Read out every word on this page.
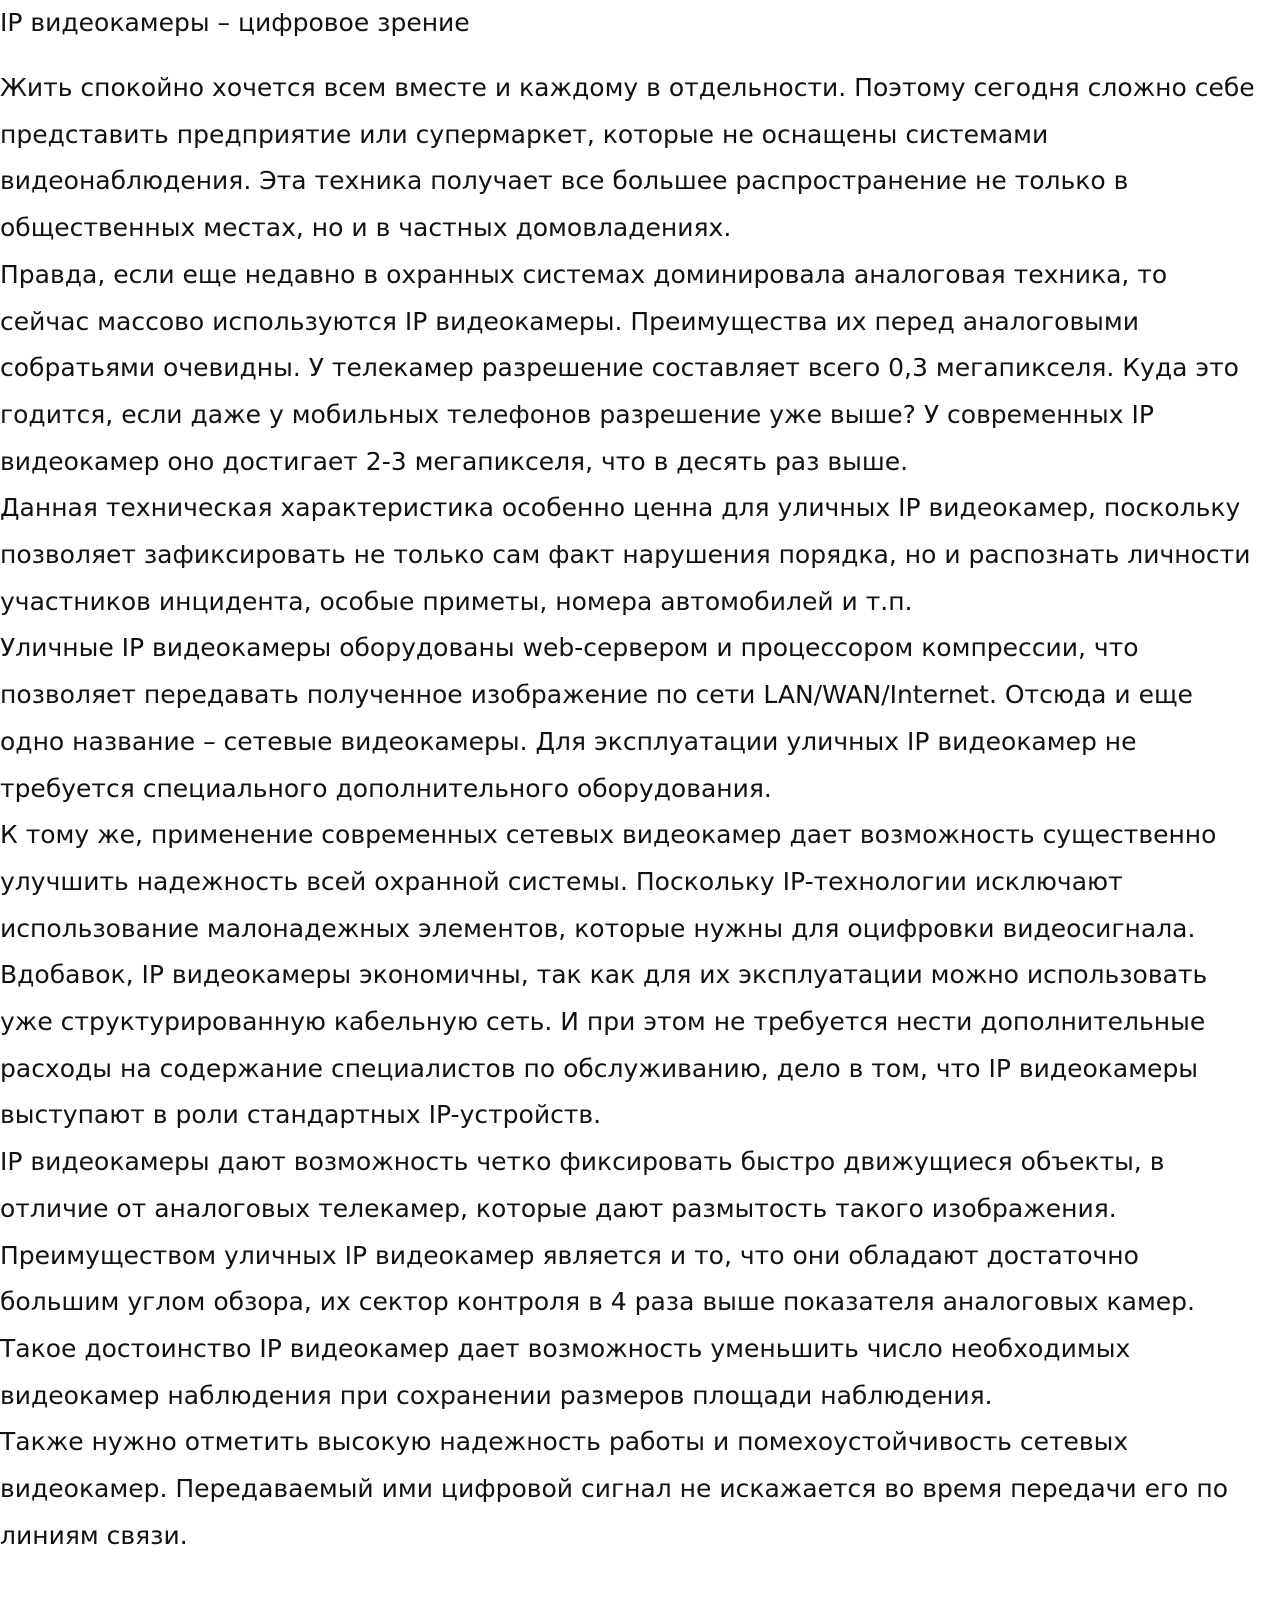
IP видеокамеры – цифровое зрение

Жить спокойно хочется всем вместе и каждому в отдельности. Поэтому сегодня сложно себе представить предприятие или супермаркет, которые не оснащены системами видеонаблюдения. Эта техника получает все большее распространение не только в общественных местах, но и в частных домовладениях.

Правда, если еще недавно в охранных системах доминировала аналоговая техника, то сейчас массово используются IP видеокамеры. Преимущества их перед аналоговыми собратьями очевидны. У телекамер разрешение составляет всего 0,3 мегапикселя. Куда это годится, если даже у мобильных телефонов разрешение уже выше? У современных IP видеокамер оно достигает 2-3 мегапикселя, что в десять раз выше.

Данная техническая характеристика особенно ценна для уличных IP видеокамер, поскольку позволяет зафиксировать не только сам факт нарушения порядка, но и распознать личности участников инцидента, особые приметы, номера автомобилей и т.п.

Уличные IP видеокамеры оборудованы web-сервером и процессором компрессии, что позволяет передавать полученное изображение по сети LAN/WAN/Internet. Отсюда и еще одно название – сетевые видеокамеры. Для эксплуатации уличных IP видеокамер не требуется специального дополнительного оборудования.

К тому же, применение современных сетевых видеокамер дает возможность существенно улучшить надежность всей охранной системы. Поскольку IP-технологии исключают использование малонадежных элементов, которые нужны для оцифровки видеосигнала.

Вдобавок, IP видеокамеры экономичны, так как для их эксплуатации можно использовать уже структурированную кабельную сеть. И при этом не требуется нести дополнительные расходы на содержание специалистов по обслуживанию, дело в том, что IP видеокамеры выступают в роли стандартных IP-устройств.

IP видеокамеры дают возможность четко фиксировать быстро движущиеся объекты, в отличие от аналоговых телекамер, которые дают размытость такого изображения.

Преимуществом уличных IP видеокамер является и то, что они обладают достаточно большим углом обзора, их сектор контроля в 4 раза выше показателя аналоговых камер.

Такое достоинство IP видеокамер дает возможность уменьшить число необходимых видеокамер наблюдения при сохранении размеров площади наблюдения.

Также нужно отметить высокую надежность работы и помехоустойчивость сетевых видеокамер. Передаваемый ими цифровой сигнал не искажается во время передачи его по линиям связи.
